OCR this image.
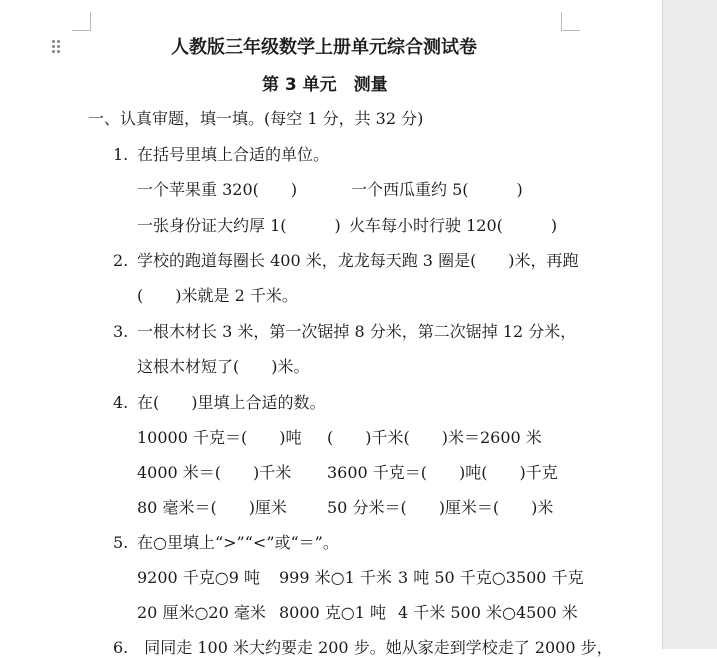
人教版三年级数学上册单元综合测试卷
第 3 单元　测量
一、认真审题，填一填。(每空 1 分，共 32 分)
1. 在括号里填上合适的单位。
一个苹果重 320(　　)	一个西瓜重约 5(　　　)
一张身份证大约厚 1(　　　) 火车每小时行驶 120(　　　)
2. 学校的跑道每圈长 400 米，龙龙每天跑 3 圈是(　　)米，再跑
(　　)米就是 2 千米。
3. 一根木材长 3 米，第一次锯掉 8 分米，第二次锯掉 12 分米，
这根木材短了(　　)米。
4. 在(　　)里填上合适的数。
10000 千克＝(　　)吨 (　　)千米(　　)米＝2600 米
4000 米＝(　　)千米 3600 千克＝(　　)吨(　　)千克
80 毫米＝(　　)厘米	50 分米＝(　　)厘米＝(　　)米
5. 在○里填上“>”“<”或“＝”。
9200 千克○9 吨 999 米○1 千米 3 吨 50 千克○3500 千克
20 厘米○20 毫米 8000 克○1 吨 4 千米 500 米○4500 米
6.　同同走 100 米大约要走 200 步。她从家走到学校走了 2000 步，
